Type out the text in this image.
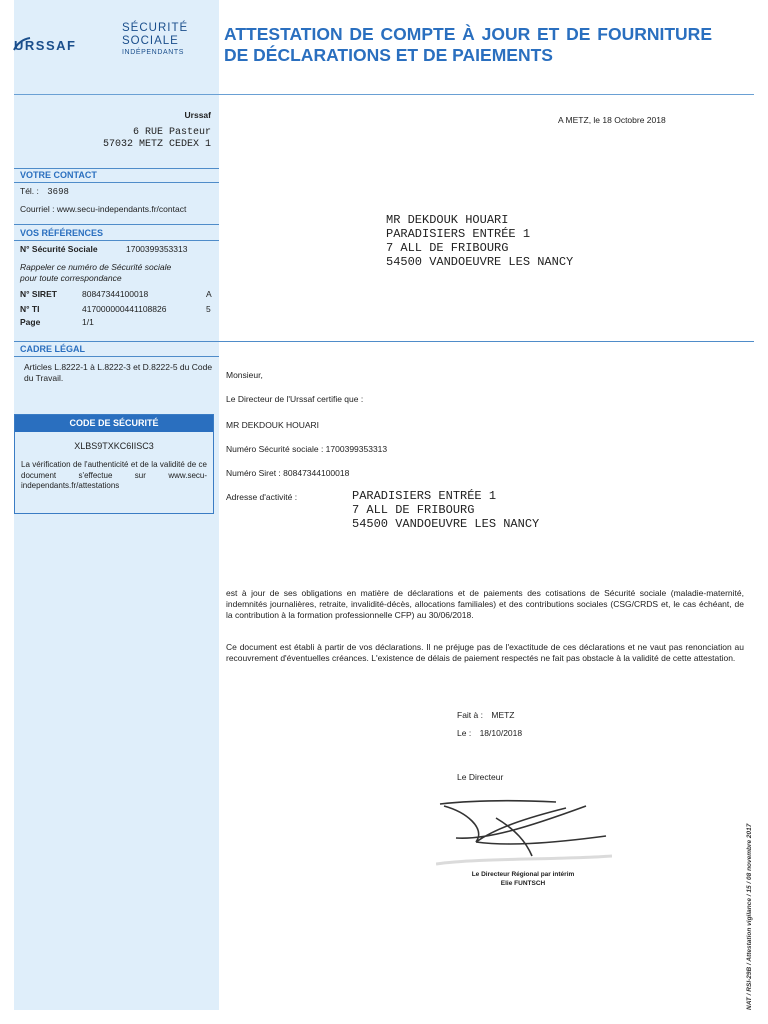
URSSAF
SÉCURITÉ
SOCIALE
INDÉPENDANTS
ATTESTATION DE COMPTE À JOUR ET DE FOURNITURE DE DÉCLARATIONS ET DE PAIEMENTS
Urssaf
6 RUE Pasteur
57032 METZ CEDEX 1
A METZ, le 18 Octobre 2018
VOTRE CONTACT
Tél. : 3698
Courriel : www.secu-independants.fr/contact
VOS RÉFÉRENCES
N° Sécurité Sociale	1700399353313
Rappeler ce numéro de Sécurité sociale pour toute correspondance
N° SIRET	80847344100018	A
N° TI	417000000441108826	5
Page	1/1
CADRE LÉGAL
Articles L.8222-1 à L.8222-3 et D.8222-5 du Code du Travail.
CODE DE SÉCURITÉ
XLBS9TXKC6IISC3
La vérification de l'authenticité et de la validité de ce document s'effectue sur www.secu-independants.fr/attestations
MR DEKDOUK HOUARI
PARADISIERS ENTRÉE 1
7 ALL DE FRIBOURG
54500 VANDOEUVRE LES NANCY
Monsieur,
Le Directeur de l'Urssaf certifie que :
MR DEKDOUK HOUARI
Numéro Sécurité sociale : 1700399353313
Numéro Siret : 80847344100018
Adresse d'activité :	PARADISIERS ENTRÉE 1
7 ALL DE FRIBOURG
54500 VANDOEUVRE LES NANCY
est à jour de ses obligations en matière de déclarations et de paiements des cotisations de Sécurité sociale (maladie-maternité, indemnités journalières, retraite, invalidité-décès, allocations familiales) et des contributions sociales (CSG/CRDS et, le cas échéant, de la contribution à la formation professionnelle CFP) au 30/06/2018.
Ce document est établi à partir de vos déclarations. Il ne préjuge pas de l'exactitude de ces déclarations et ne vaut pas renonciation au recouvrement d'éventuelles créances. L'existence de délais de paiement respectés ne fait pas obstacle à la validité de cette attestation.
Fait à : METZ
Le : 18/10/2018
Le Directeur
Le Directeur Régional par intérim
Elie FUNTSCH	NAT / RSI-29B / Attestation vigilance / 15 / 08 novembre 2017
